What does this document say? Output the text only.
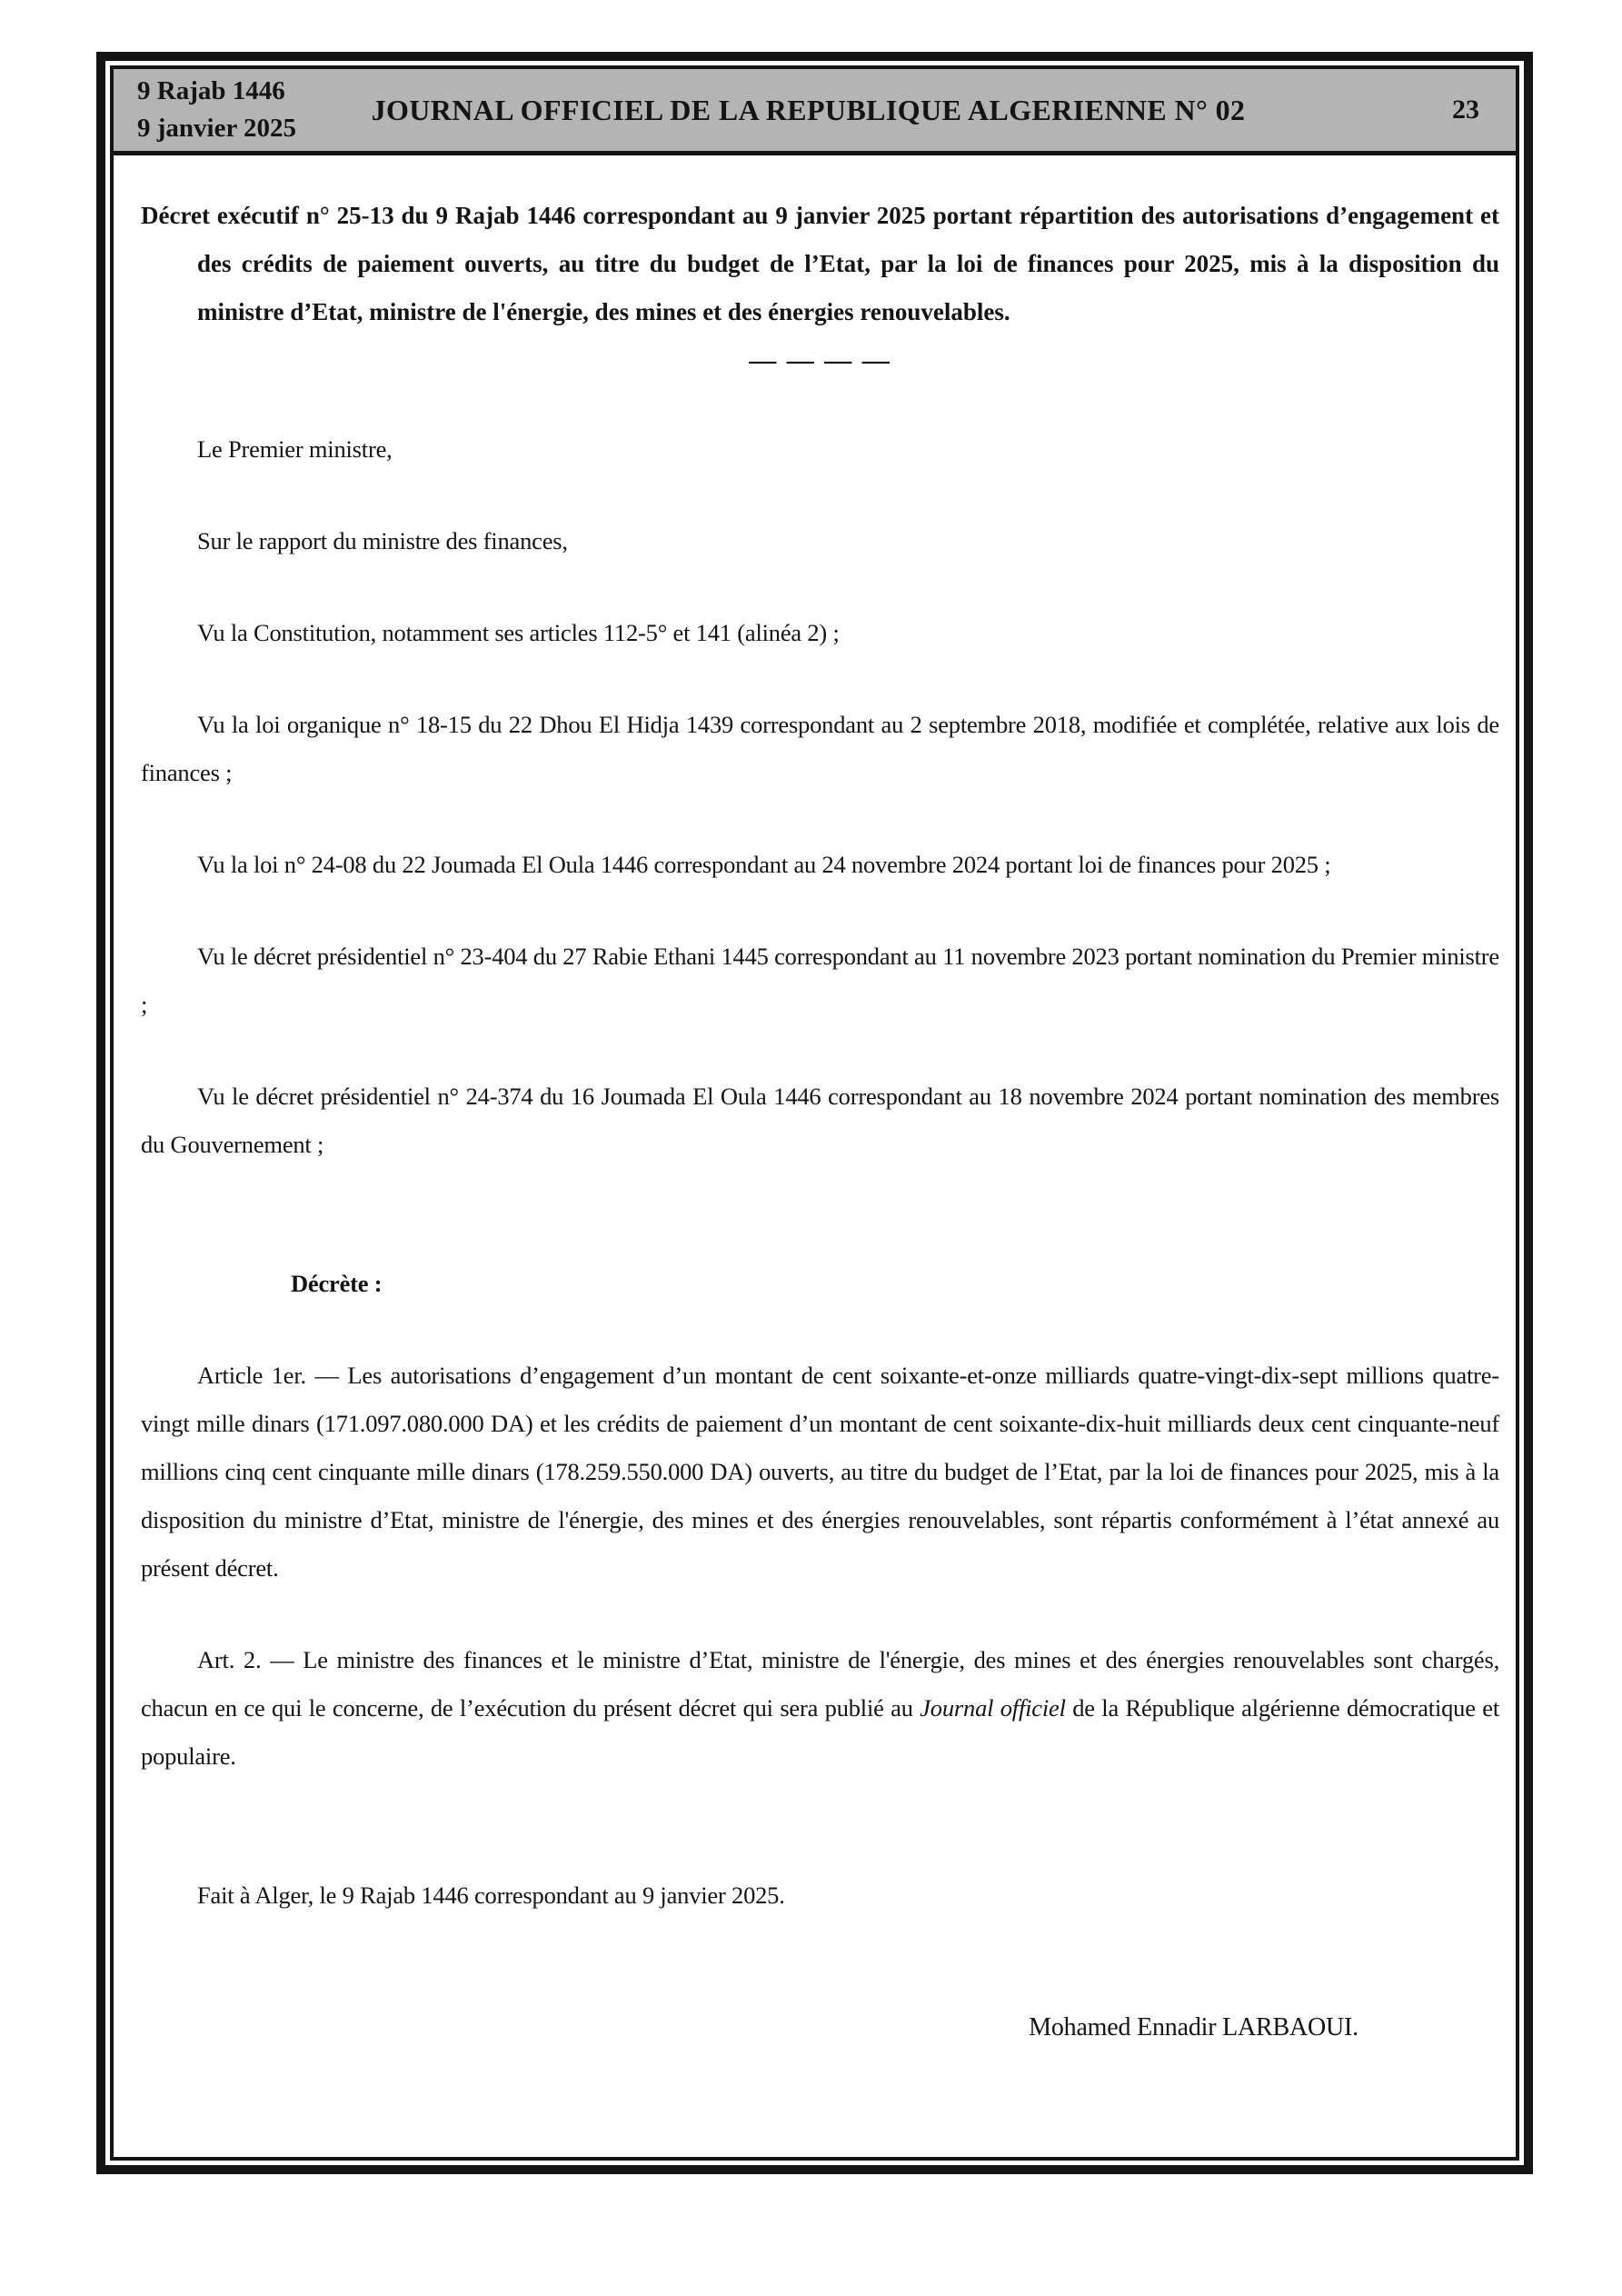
9 Rajab 1446
9 janvier 2025
JOURNAL OFFICIEL DE LA REPUBLIQUE ALGERIENNE N° 02	23

Décret exécutif n° 25-13 du 9 Rajab 1446 correspondant au 9 janvier 2025 portant répartition des autorisations d’engagement et des crédits de paiement ouverts, au titre du budget de l’Etat, par la loi de finances pour 2025, mis à la disposition du ministre d’Etat, ministre de l'énergie, des mines et des énergies renouvelables.

— — — —

Le Premier ministre,

Sur le rapport du ministre des finances,

Vu la Constitution, notamment ses articles 112-5° et 141 (alinéa 2) ;

Vu la loi organique n° 18-15 du 22 Dhou El Hidja 1439 correspondant au 2 septembre 2018, modifiée et complétée, relative aux lois de finances ;

Vu la loi n° 24-08 du 22 Joumada El Oula 1446 correspondant au 24 novembre 2024 portant loi de finances pour 2025 ;

Vu le décret présidentiel n° 23-404 du 27 Rabie Ethani 1445 correspondant au 11 novembre 2023 portant nomination du Premier ministre ;

Vu le décret présidentiel n° 24-374 du 16 Joumada El Oula 1446 correspondant au 18 novembre 2024 portant nomination des membres du Gouvernement ;

Décrète :

Article 1er. — Les autorisations d’engagement d’un montant de cent soixante-et-onze milliards quatre-vingt-dix-sept millions quatre-vingt mille dinars (171.097.080.000 DA) et les crédits de paiement d’un montant de cent soixante-dix-huit milliards deux cent cinquante-neuf millions cinq cent cinquante mille dinars (178.259.550.000 DA) ouverts, au titre du budget de l’Etat, par la loi de finances pour 2025, mis à la disposition du ministre d’Etat, ministre de l'énergie, des mines et des énergies renouvelables, sont répartis conformément à l’état annexé au présent décret.

Art. 2. — Le ministre des finances et le ministre d’Etat, ministre de l'énergie, des mines et des énergies renouvelables sont chargés, chacun en ce qui le concerne, de l’exécution du présent décret qui sera publié au Journal officiel de la République algérienne démocratique et populaire.

Fait à Alger, le 9 Rajab 1446 correspondant au 9 janvier 2025.

Mohamed Ennadir LARBAOUI.
